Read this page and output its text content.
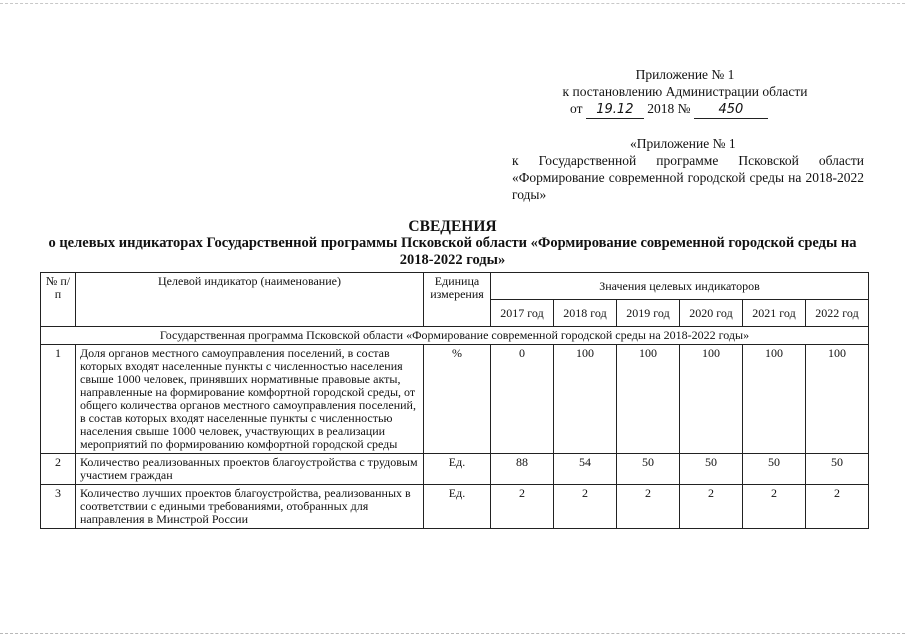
Приложение № 1
к постановлению Администрации области
от 19.12 2018 № 450
«Приложение № 1
к Государственной программе Псковской области «Формирование современной городской среды на 2018-2022 годы»
СВЕДЕНИЯ
о целевых индикаторах Государственной программы Псковской области «Формирование современной городской среды на 2018-2022 годы»
№ п/п	Целевой индикатор (наименование)	Единица измерения	Значения целевых индикаторов					
			2017 год	2018 год	2019 год	2020 год	2021 год	2022 год
Государственная программа Псковской области «Формирование современной городской среды на 2018-2022 годы»								
1	Доля органов местного самоуправления поселений, в состав которых входят населенные пункты с численностью населения свыше 1000 человек, принявших нормативные правовые акты, направленные на формирование комфортной городской среды, от общего количества органов местного самоуправления поселений, в состав которых входят населенные пункты с численностью населения свыше 1000 человек, участвующих в реализации мероприятий по формированию комфортной городской среды	%	0	100	100	100	100	100
2	Количество реализованных проектов благоустройства с трудовым участием граждан	Ед.	88	54	50	50	50	50
3	Количество лучших проектов благоустройства, реализованных в соответствии с едиными требованиями, отобранных для направления в Минстрой России	Ед.	2	2	2	2	2	2
